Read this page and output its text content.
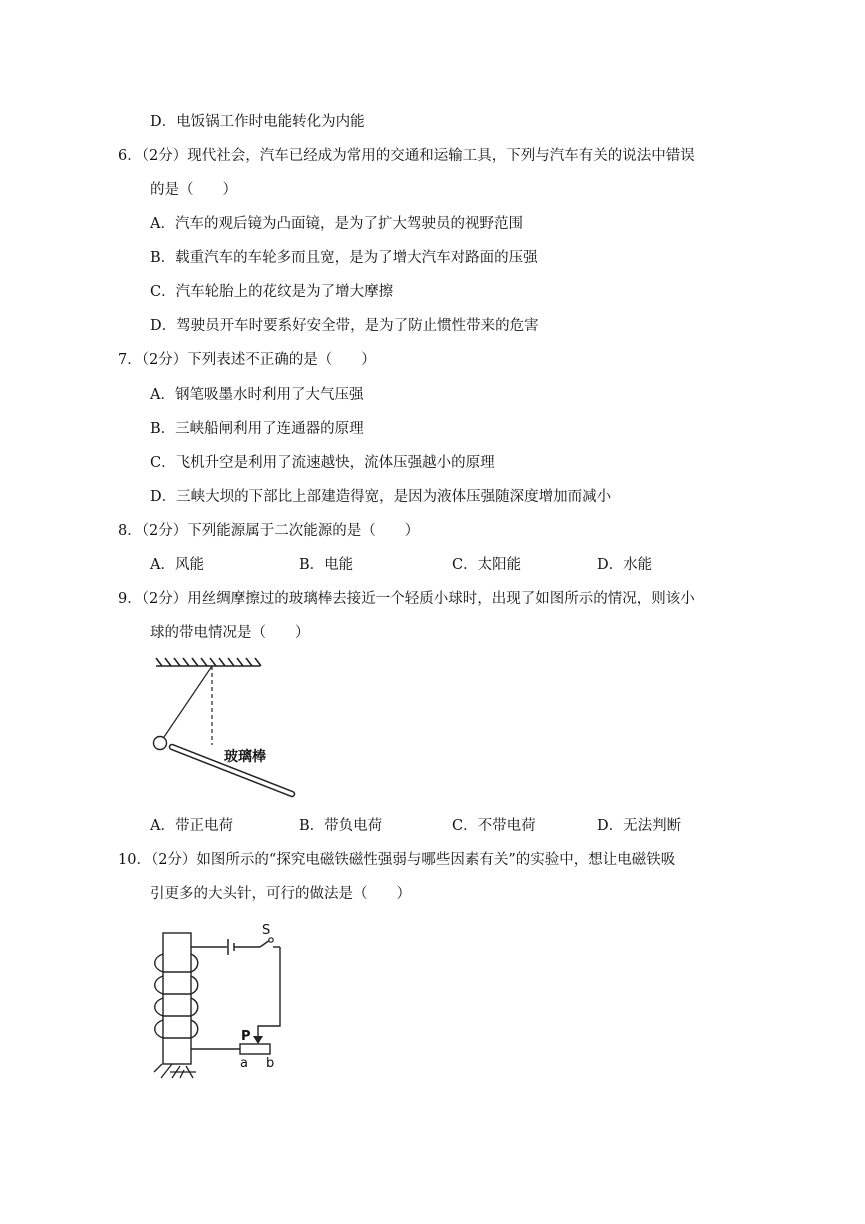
D．电饭锅工作时电能转化为内能
6．（2分）现代社会，汽车已经成为常用的交通和运输工具，下列与汽车有关的说法中错误
的是（　　）
A．汽车的观后镜为凸面镜，是为了扩大驾驶员的视野范围
B．载重汽车的车轮多而且宽，是为了增大汽车对路面的压强
C．汽车轮胎上的花纹是为了增大摩擦
D．驾驶员开车时要系好安全带，是为了防止惯性带来的危害
7．（2分）下列表述不正确的是（　　）
A．钢笔吸墨水时利用了大气压强
B．三峡船闸利用了连通器的原理
C．飞机升空是利用了流速越快，流体压强越小的原理
D．三峡大坝的下部比上部建造得宽，是因为液体压强随深度增加而减小
8．（2分）下列能源属于二次能源的是（　　）
A．风能	B．电能	C．太阳能	D．水能
9．（2分）用丝绸摩擦过的玻璃棒去接近一个轻质小球时，出现了如图所示的情况，则该小
球的带电情况是（　　）
玻璃棒
A．带正电荷	B．带负电荷	C．不带电荷	D．无法判断
10．（2分）如图所示的“探究电磁铁磁性强弱与哪些因素有关”的实验中，想让电磁铁吸
引更多的大头针，可行的做法是（　　）
S
P
a b
